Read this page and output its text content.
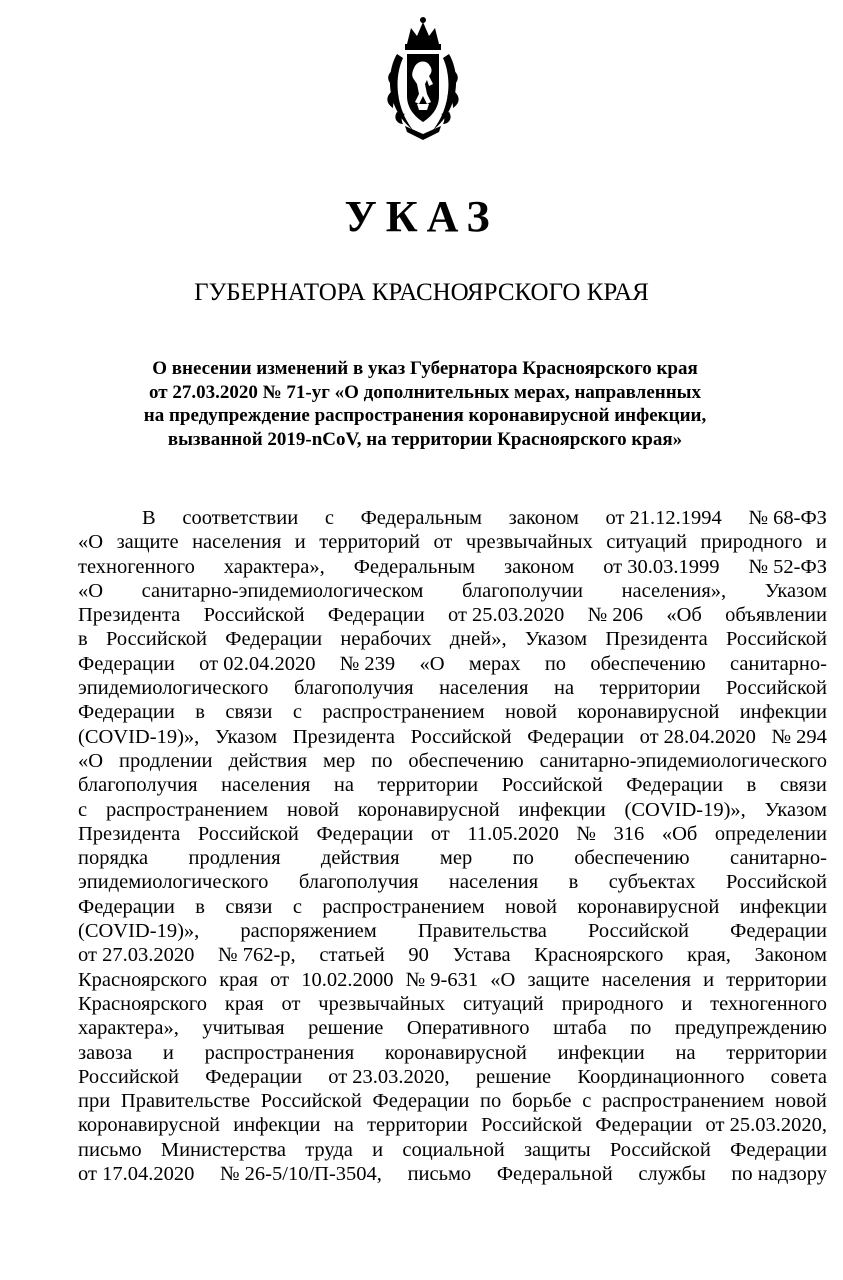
УКАЗ
ГУБЕРНАТОРА КРАСНОЯРСКОГО КРАЯ
О внесении изменений в указ Губернатора Красноярского края
от 27.03.2020 № 71-уг «О дополнительных мерах, направленных
на предупреждение распространения коронавирусной инфекции,
вызванной 2019-nCoV, на территории Красноярского края»
В соответствии с Федеральным законом от 21.12.1994 № 68-ФЗ
«О защите населения и территорий от чрезвычайных ситуаций природного и
техногенного характера», Федеральным законом от 30.03.1999 № 52-ФЗ
«О санитарно-эпидемиологическом благополучии населения», Указом
Президента Российской Федерации от 25.03.2020 № 206 «Об объявлении
в Российской Федерации нерабочих дней», Указом Президента Российской
Федерации от 02.04.2020 № 239 «О мерах по обеспечению санитарно-
эпидемиологического благополучия населения на территории Российской
Федерации в связи с распространением новой коронавирусной инфекции
(COVID-19)», Указом Президента Российской Федерации от 28.04.2020 № 294
«О продлении действия мер по обеспечению санитарно-эпидемиологического
благополучия населения на территории Российской Федерации в связи
с распространением новой коронавирусной инфекции (COVID-19)», Указом
Президента Российской Федерации от 11.05.2020 № 316 «Об определении
порядка продления действия мер по обеспечению санитарно-
эпидемиологического благополучия населения в субъектах Российской
Федерации в связи с распространением новой коронавирусной инфекции
(COVID-19)», распоряжением Правительства Российской Федерации
от 27.03.2020 № 762-р, статьей 90 Устава Красноярского края, Законом
Красноярского края от 10.02.2000 № 9-631 «О защите населения и территории
Красноярского края от чрезвычайных ситуаций природного и техногенного
характера», учитывая решение Оперативного штаба по предупреждению
завоза и распространения коронавирусной инфекции на территории
Российской Федерации от 23.03.2020, решение Координационного совета
при Правительстве Российской Федерации по борьбе с распространением новой
коронавирусной инфекции на территории Российской Федерации от 25.03.2020,
письмо Министерства труда и социальной защиты Российской Федерации
от 17.04.2020 № 26-5/10/П-3504, письмо Федеральной службы по надзору
